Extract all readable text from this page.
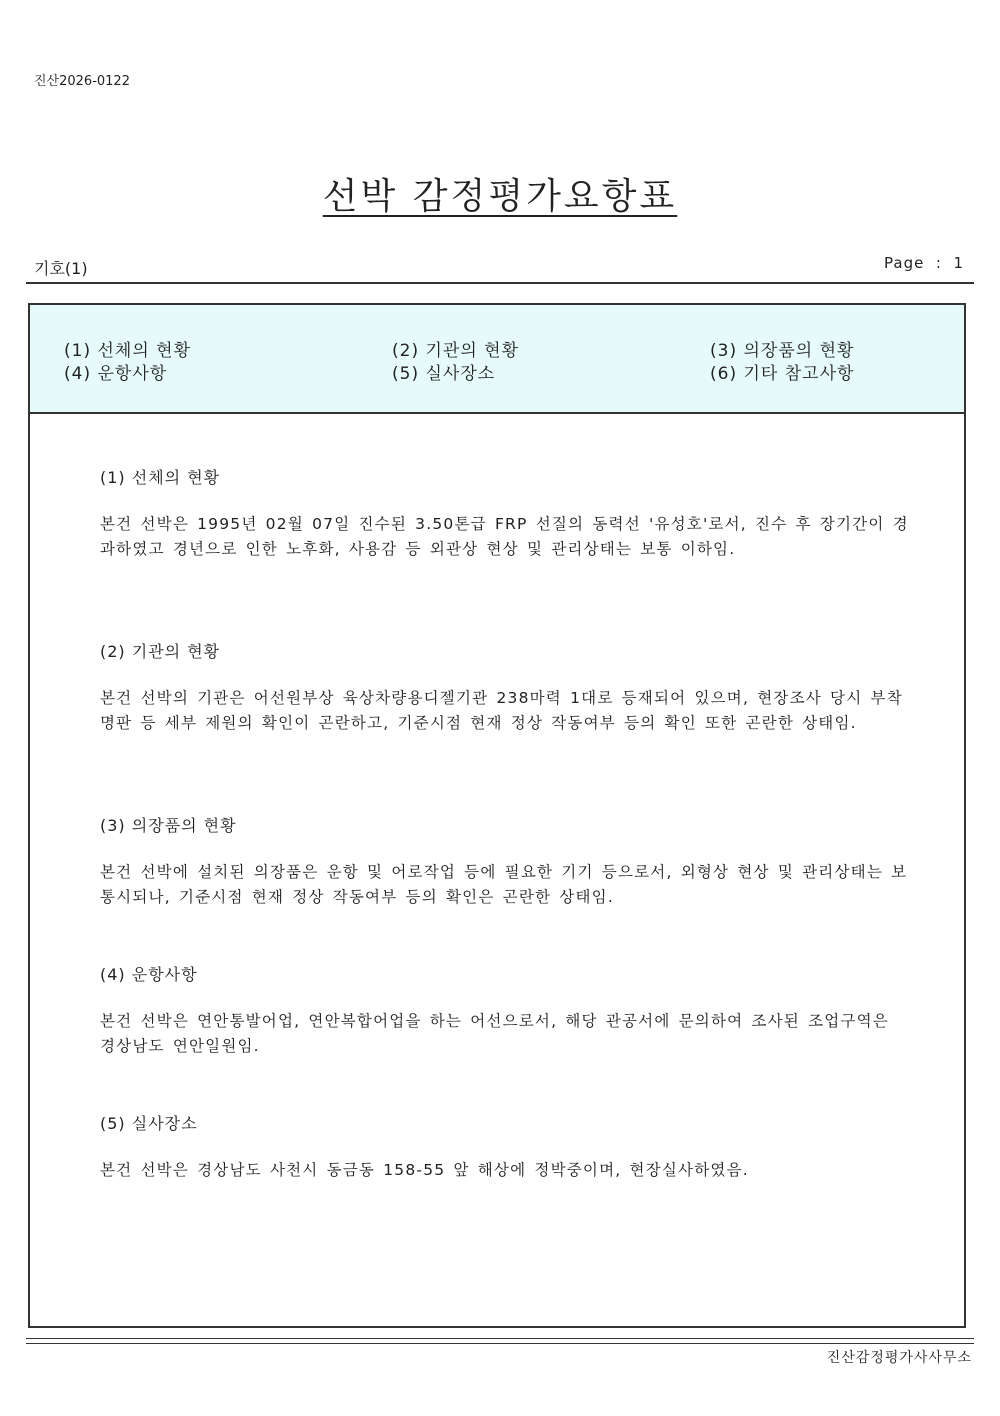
진산2026-0122
선박 감정평가요항표
기호(1)	Page  :  1
(1) 선체의 현황	(2) 기관의 현황	(3) 의장품의 현황
(4) 운항사항	(5) 실사장소	(6) 기타 참고사항
(1) 선체의 현황
본건 선박은 1995년 02월 07일 진수된 3.50톤급 FRP 선질의 동력선 '유성호'로서, 진수 후 장기간이 경과하였고 경년으로 인한 노후화, 사용감 등 외관상 현상 및 관리상태는 보통 이하임.
(2) 기관의 현황
본건 선박의 기관은 어선원부상 육상차량용디젤기관 238마력 1대로 등재되어 있으며, 현장조사 당시 부착 명판 등 세부 제원의 확인이 곤란하고, 기준시점 현재 정상 작동여부 등의 확인 또한 곤란한 상태임.
(3) 의장품의 현황
본건 선박에 설치된 의장품은 운항 및 어로작업 등에 필요한 기기 등으로서, 외형상 현상 및 관리상태는 보통시되나, 기준시점 현재 정상 작동여부 등의 확인은 곤란한 상태임.
(4) 운항사항
본건 선박은 연안통발어업, 연안복합어업을 하는 어선으로서, 해당 관공서에 문의하여 조사된 조업구역은 경상남도 연안일원임.
(5) 실사장소
본건 선박은 경상남도 사천시 동금동 158-55 앞 해상에 정박중이며, 현장실사하였음.
진산감정평가사사무소
